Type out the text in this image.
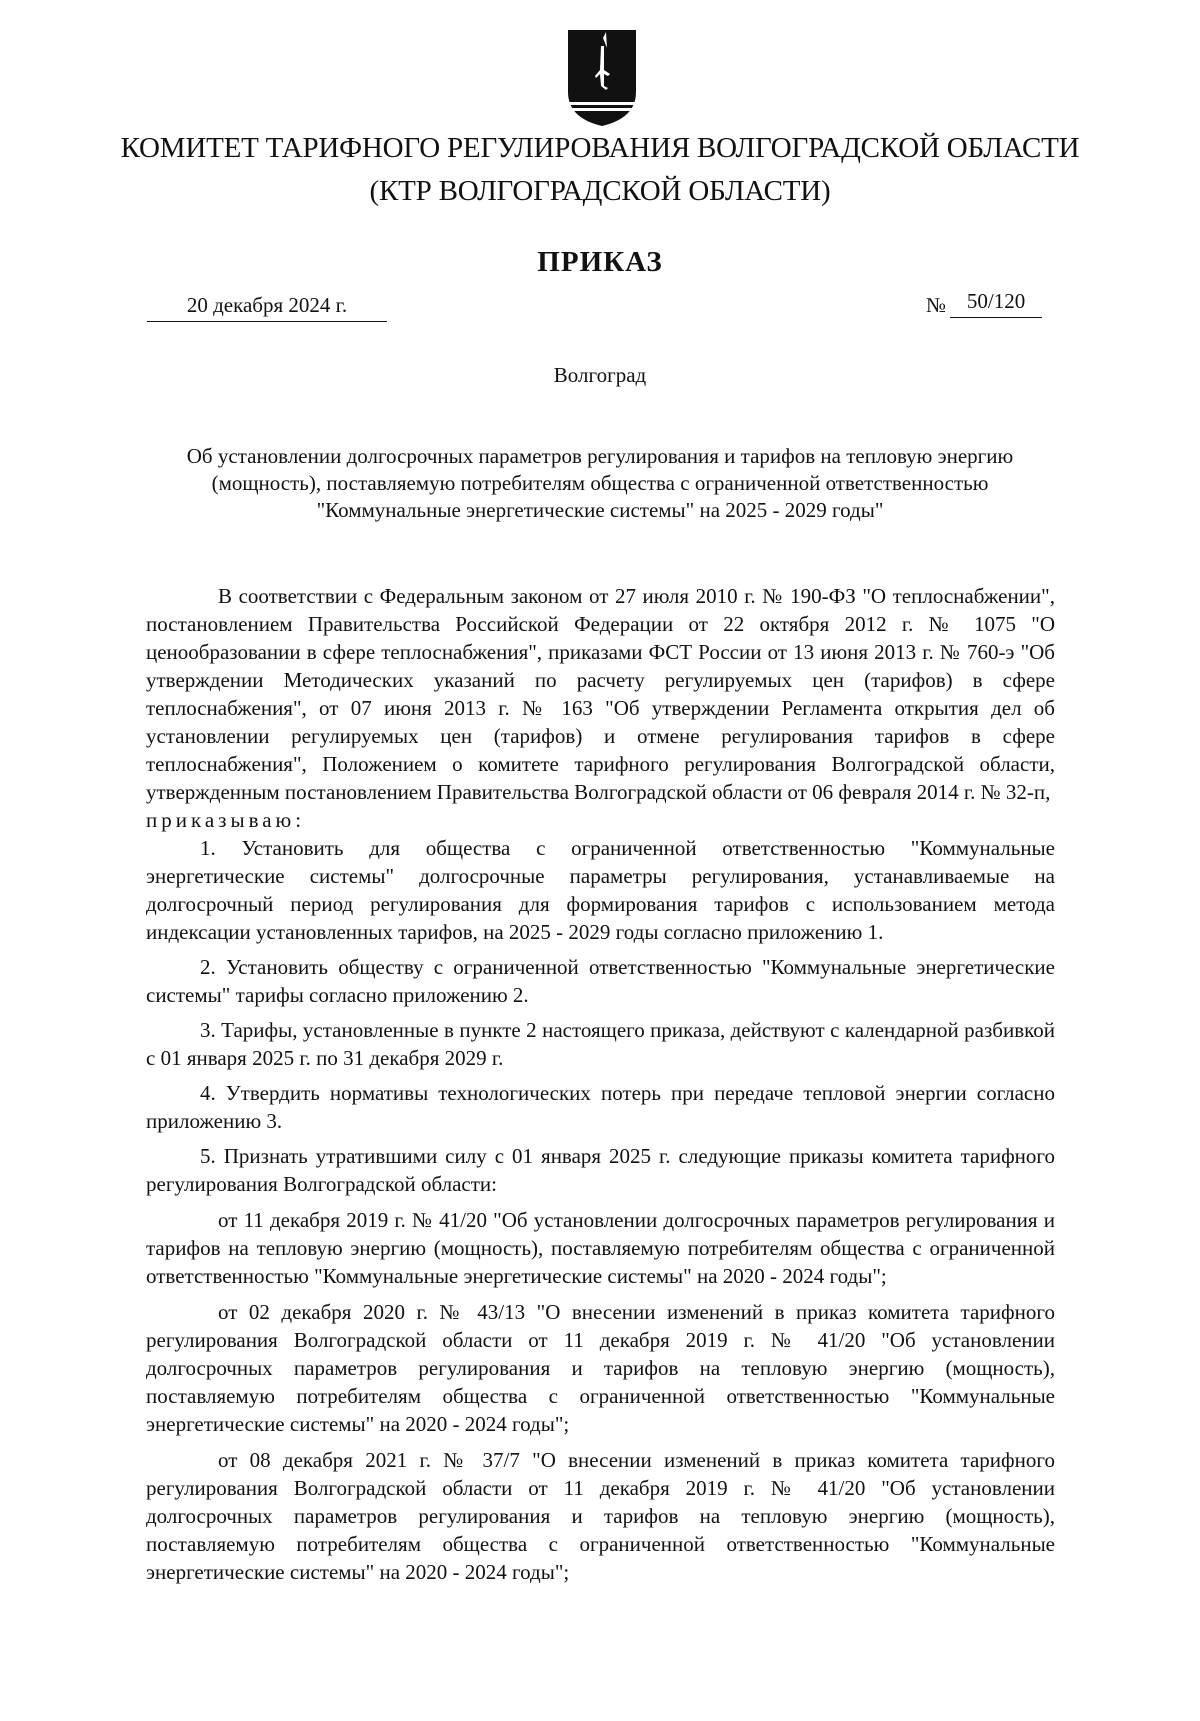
КОМИТЕТ ТАРИФНОГО РЕГУЛИРОВАНИЯ ВОЛГОГРАДСКОЙ ОБЛАСТИ
(КТР ВОЛГОГРАДСКОЙ ОБЛАСТИ)
ПРИКАЗ
20 декабря 2024 г.	№ 50/120
Волгоград
Об установлении долгосрочных параметров регулирования и тарифов на тепловую энергию (мощность), поставляемую потребителям общества с ограниченной ответственностью "Коммунальные энергетические системы" на 2025 - 2029 годы"

В соответствии с Федеральным законом от 27 июля 2010 г. № 190-ФЗ "О теплоснабжении", постановлением Правительства Российской Федерации от 22 октября 2012 г. № 1075 "О ценообразовании в сфере теплоснабжения", приказами ФСТ России от 13 июня 2013 г. № 760-э "Об утверждении Методических указаний по расчету регулируемых цен (тарифов) в сфере теплоснабжения", от 07 июня 2013 г. № 163 "Об утверждении Регламента открытия дел об установлении регулируемых цен (тарифов) и отмене регулирования тарифов в сфере теплоснабжения", Положением о комитете тарифного регулирования Волгоградской области, утвержденным постановлением Правительства Волгоградской области от 06 февраля 2014 г. № 32-п,

приказываю:

1. Установить для общества с ограниченной ответственностью "Коммунальные энергетические системы" долгосрочные параметры регулирования, устанавливаемые на долгосрочный период регулирования для формирования тарифов с использованием метода индексации установленных тарифов, на 2025 - 2029 годы согласно приложению 1.

2. Установить обществу с ограниченной ответственностью "Коммунальные энергетические системы" тарифы согласно приложению 2.

3. Тарифы, установленные в пункте 2 настоящего приказа, действуют с календарной разбивкой с 01 января 2025 г. по 31 декабря 2029 г.

4. Утвердить нормативы технологических потерь при передаче тепловой энергии согласно приложению 3.

5. Признать утратившими силу с 01 января 2025 г. следующие приказы комитета тарифного регулирования Волгоградской области:

от 11 декабря 2019 г. № 41/20 "Об установлении долгосрочных параметров регулирования и тарифов на тепловую энергию (мощность), поставляемую потребителям общества с ограниченной ответственностью "Коммунальные энергетические системы" на 2020 - 2024 годы";

от 02 декабря 2020 г. № 43/13 "О внесении изменений в приказ комитета тарифного регулирования Волгоградской области от 11 декабря 2019 г. № 41/20 "Об установлении долгосрочных параметров регулирования и тарифов на тепловую энергию (мощность), поставляемую потребителям общества с ограниченной ответственностью "Коммунальные энергетические системы" на 2020 - 2024 годы";

от 08 декабря 2021 г. № 37/7 "О внесении изменений в приказ комитета тарифного регулирования Волгоградской области от 11 декабря 2019 г. № 41/20 "Об установлении долгосрочных параметров регулирования и тарифов на тепловую энергию (мощность), поставляемую потребителям общества с ограниченной ответственностью "Коммунальные энергетические системы" на 2020 - 2024 годы";
